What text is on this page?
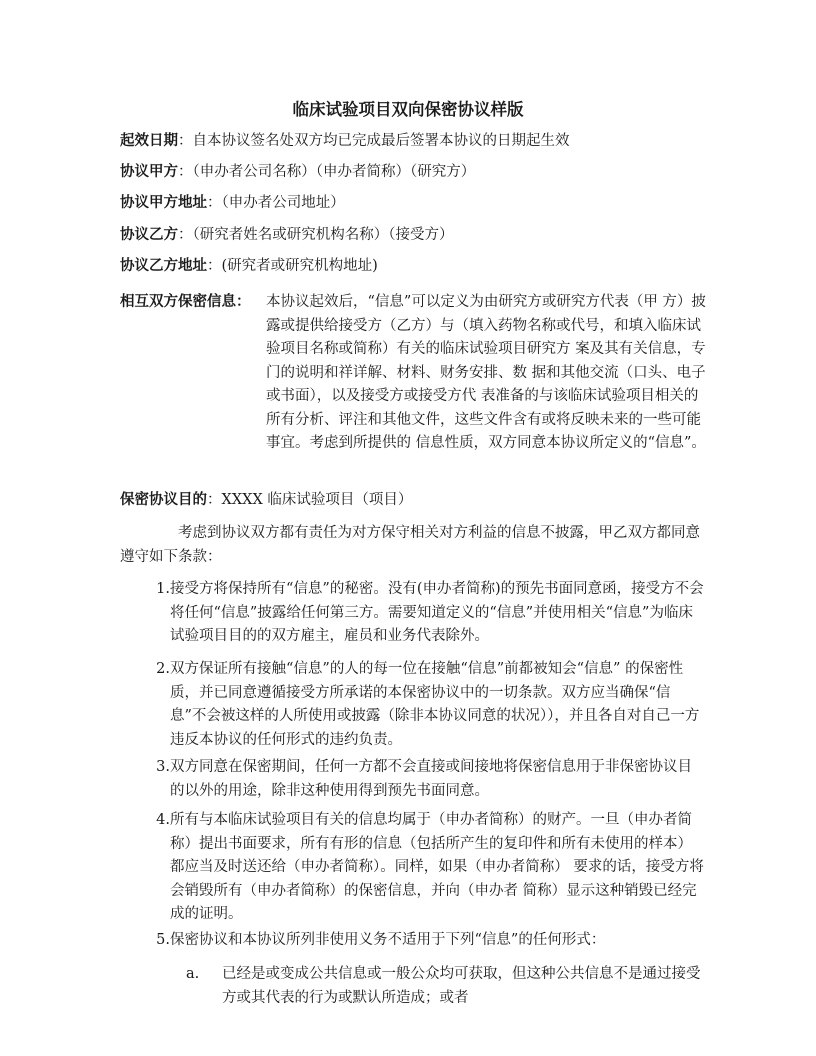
临床试验项目双向保密协议样版
起效日期：自本协议签名处双方均已完成最后签署本协议的日期起生效
协议甲方：（申办者公司名称）（申办者简称）（研究方）
协议甲方地址：（申办者公司地址）
协议乙方：（研究者姓名或研究机构名称）（接受方）
协议乙方地址：(研究者或研究机构地址)
相互双方保密信息：	本协议起效后，“信息”可以定义为由研究方或研究方代表（甲 方）披露或提供给接受方（乙方）与（填入药物名称或代号，和填入临床试验项目名称或简称）有关的临床试验项目研究方 案及其有关信息，专门的说明和祥详解、材料、财务安排、数 据和其他交流（口头、电子或书面），以及接受方或接受方代 表准备的与该临床试验项目相关的所有分析、评注和其他文件，这些文件含有或将反映未来的一些可能事宜。考虑到所提供的 信息性质，双方同意本协议所定义的“信息”。
保密协议目的：XXXX 临床试验项目（项目）
考虑到协议双方都有责任为对方保守相关对方利益的信息不披露，甲乙双方都同意遵守如下条款：
1. 接受方将保持所有“信息”的秘密。没有(申办者简称)的预先书面同意函，接受方不会将任何“信息”披露给任何第三方。需要知道定义的“信息”并使用相关“信息”为临床试验项目目的的双方雇主，雇员和业务代表除外。
2. 双方保证所有接触“信息”的人的每一位在接触“信息”前都被知会“信息” 的保密性质，并已同意遵循接受方所承诺的本保密协议中的一切条款。双方应当确保“信息”不会被这样的人所使用或披露（除非本协议同意的状况）），并且各自对自己一方违反本协议的任何形式的违约负责。
3. 双方同意在保密期间，任何一方都不会直接或间接地将保密信息用于非保密协议目的以外的用途，除非这种使用得到预先书面同意。
4. 所有与本临床试验项目有关的信息均属于（申办者简称）的财产。一旦（申办者简称）提出书面要求，所有有形的信息（包括所产生的复印件和所有未使用的样本）都应当及时送还给（申办者简称）。同样，如果（申办者简称） 要求的话，接受方将会销毁所有（申办者简称）的保密信息，并向（申办者 简称）显示这种销毁已经完成的证明。
5. 保密协议和本协议所列非使用义务不适用于下列“信息”的任何形式：
a.	已经是或变成公共信息或一般公众均可获取，但这种公共信息不是通过接受方或其代表的行为或默认所造成；或者
